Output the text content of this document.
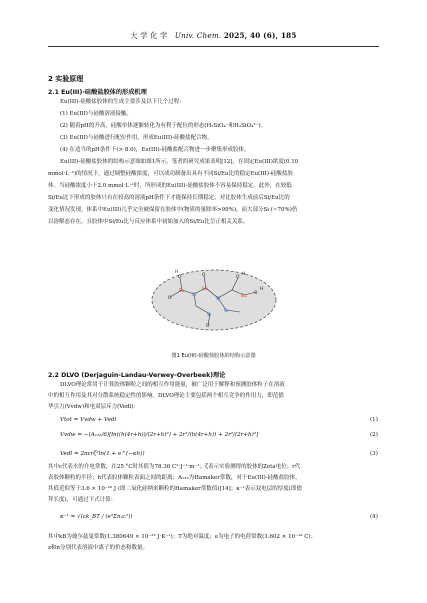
大 学 化 学 Univ. Chem. 2025, 40 (6), 185
2 实验原理
2.1 Eu(III)-硅酸盐胶体的形成机理
Eu(III)-硅酸盐胶体的生成主要涉及以下几个过程：
(1) Eu(III)与硅酸溶液接触。
(2) 随着pH的升高，硅酸单体逐渐转化为有利于配位的形态(H₃SiO₄⁻和H₂SiO₄²⁻)。
(3) Eu(III)与硅酸进行配位作用，形成Eu(III)-硅酸盐配合物。
(4) 在适当的pH条件下(> 8.0)，Eu(III)-硅酸盐配合物进一步聚集形成胶体。
Eu(III)-硅酸盐胶体的结构示意图如图1所示。笔者的研究成果表明[12]，在固定Eu(III)浓度(0.10
mmol·L⁻¹)的情况下，通过调整硅酸浓度，可以成功制备出具有不同Si/Eu比的稳定Eu(III)-硅酸盐胶
体。当硅酸浓度小于2.0 mmol·L⁻¹时，所形成的Eu(III)-硅酸盐胶体不容易保持稳定。此外，在较低
Si/Eu比下形成的胶体只有在较高的溶液pH条件下才能保持长期稳定，对比胶体生成前后Si/Eu比的
变化情况发现，体系中Eu(III)几乎完全被保留在胶体中(物质的量除率>99%)，而大部分Si (~70%)仍
以溶解态存在，且胶体中Si/Eu比与反应体系中初始加入的Si/Eu比呈正相关关系。
Si
Si
Si
Si
Eu	Eu
Eu
O
O	O	O
O
O
H
H
H
图1 Eu(III)-硅酸盐胶体的结构示意图
2.2 DLVO (Derjaguin-Landau-Verwey-Overbeek)理论
DLVO理论常用于计算胶体颗粒之间的相互作用能量，被广泛用于解释和预测胶体粒子在溶液
中的相互作用及其对分散系统稳定性的影响。DLVO理论主要包括两个相互竞争的作用力，即范德
华引力(Vvdw)和电双层斥力(Vedl)：
Vtot = Vvdw + Vedl	(1)
Vvdw = −(A₁₃₂/6)[ln((h(4r+h))/(2r+h)²) + 2r²/(h(4r+h)) + 2r²/(2r+h)²]	(2)
Vedl = 2πεrζ²ln(1 + e^(−κh))	(3)
其中ε代表水的介电常数，在25 °C时其值为78.36 C²·J⁻¹·m⁻¹；ζ表示实验测得的胶体的Zeta电位；r代
表胶体颗粒的半径；h代表胶体颗粒表面之间的距离；A₁₃₂为Hamaker常数，对于Eu(III)-硅酸盐胶体，
其值近似等于3.6 × 10⁻²⁰ J (即二氧化硅纳米颗粒的Hamaker常数值)[14]；κ⁻¹表示双电层的厚度(即德
拜长度)，可通过下式计算：
κ⁻¹ = √(εk_BT / (e²Σnᵢzᵢ²))	(4)
其中kB为玻尔兹曼常数(1.380649 × 10⁻²³ J·K⁻¹)；T为绝对温度；e为电子的电荷常数(1.602 × 10⁻¹⁹ C)；
z和n分别代表溶液中离子的价态和数量。
